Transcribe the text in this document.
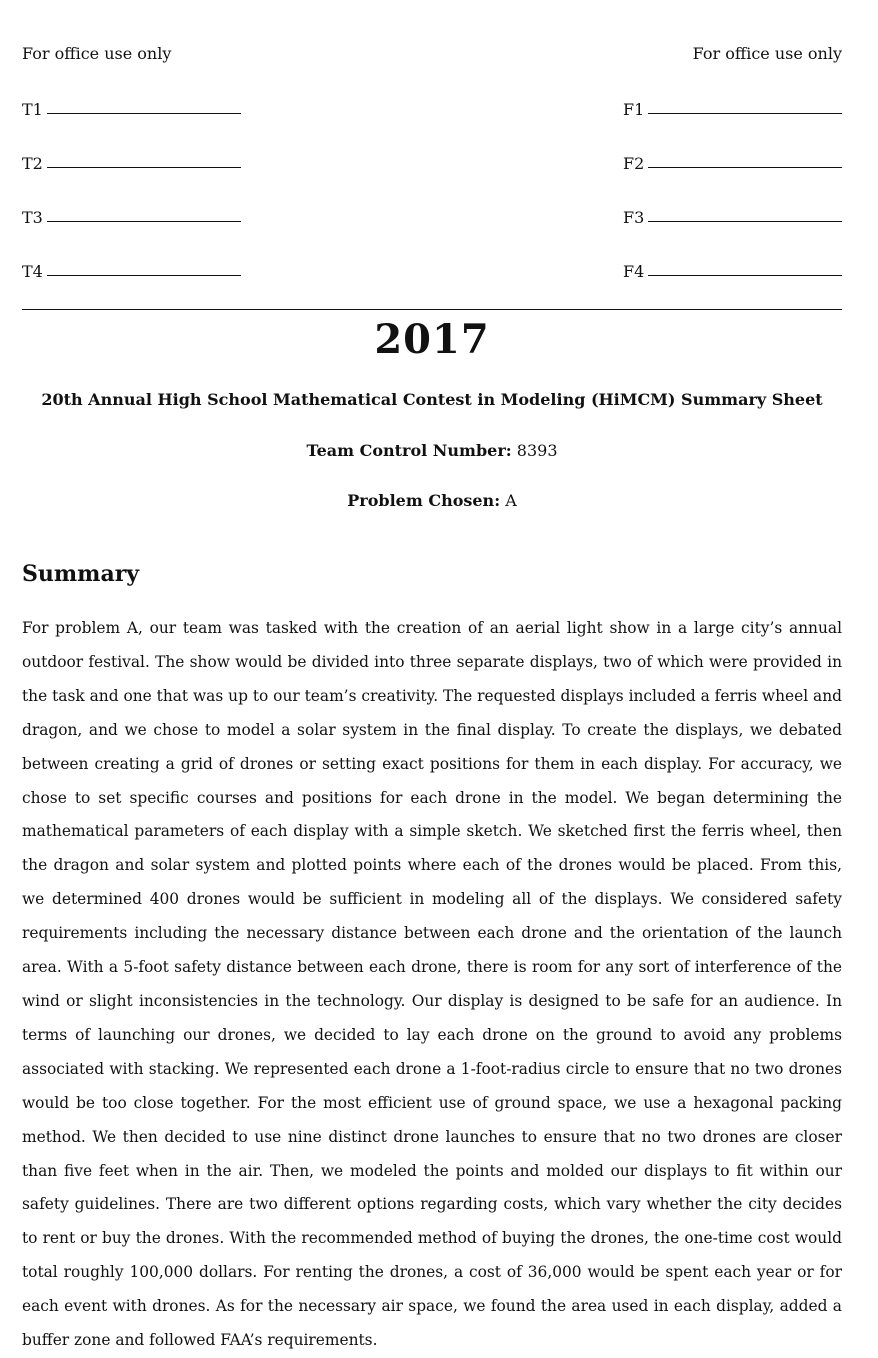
For office use only	For office use only
T1
T2
T3
T4
F1
F2
F3
F4
2017
20th Annual High School Mathematical Contest in Modeling (HiMCM) Summary Sheet
Team Control Number: 8393
Problem Chosen: A
Summary

For problem A, our team was tasked with the creation of an aerial light show in a large city’s annual outdoor festival. The show would be divided into three separate displays, two of which were provided in the task and one that was up to our team’s creativity. The requested displays included a ferris wheel and dragon, and we chose to model a solar system in the final display. To create the displays, we debated between creating a grid of drones or setting exact positions for them in each display. For accuracy, we chose to set specific courses and positions for each drone in the model. We began determining the mathematical parameters of each display with a simple sketch. We sketched first the ferris wheel, then the dragon and solar system and plotted points where each of the drones would be placed. From this, we determined 400 drones would be sufficient in modeling all of the displays. We considered safety requirements including the necessary distance between each drone and the orientation of the launch area. With a 5-foot safety distance between each drone, there is room for any sort of interference of the wind or slight inconsistencies in the technology. Our display is designed to be safe for an audience. In terms of launching our drones, we decided to lay each drone on the ground to avoid any problems associated with stacking. We represented each drone a 1-foot-radius circle to ensure that no two drones would be too close together. For the most efficient use of ground space, we use a hexagonal packing method. We then decided to use nine distinct drone launches to ensure that no two drones are closer than five feet when in the air. Then, we modeled the points and molded our displays to fit within our safety guidelines. There are two different options regarding costs, which vary whether the city decides to rent or buy the drones. With the recommended method of buying the drones, the one-time cost would total roughly 100,000 dollars. For renting the drones, a cost of 36,000 would be spent each year or for each event with drones. As for the necessary air space, we found the area used in each display, added a buffer zone and followed FAA’s requirements.
